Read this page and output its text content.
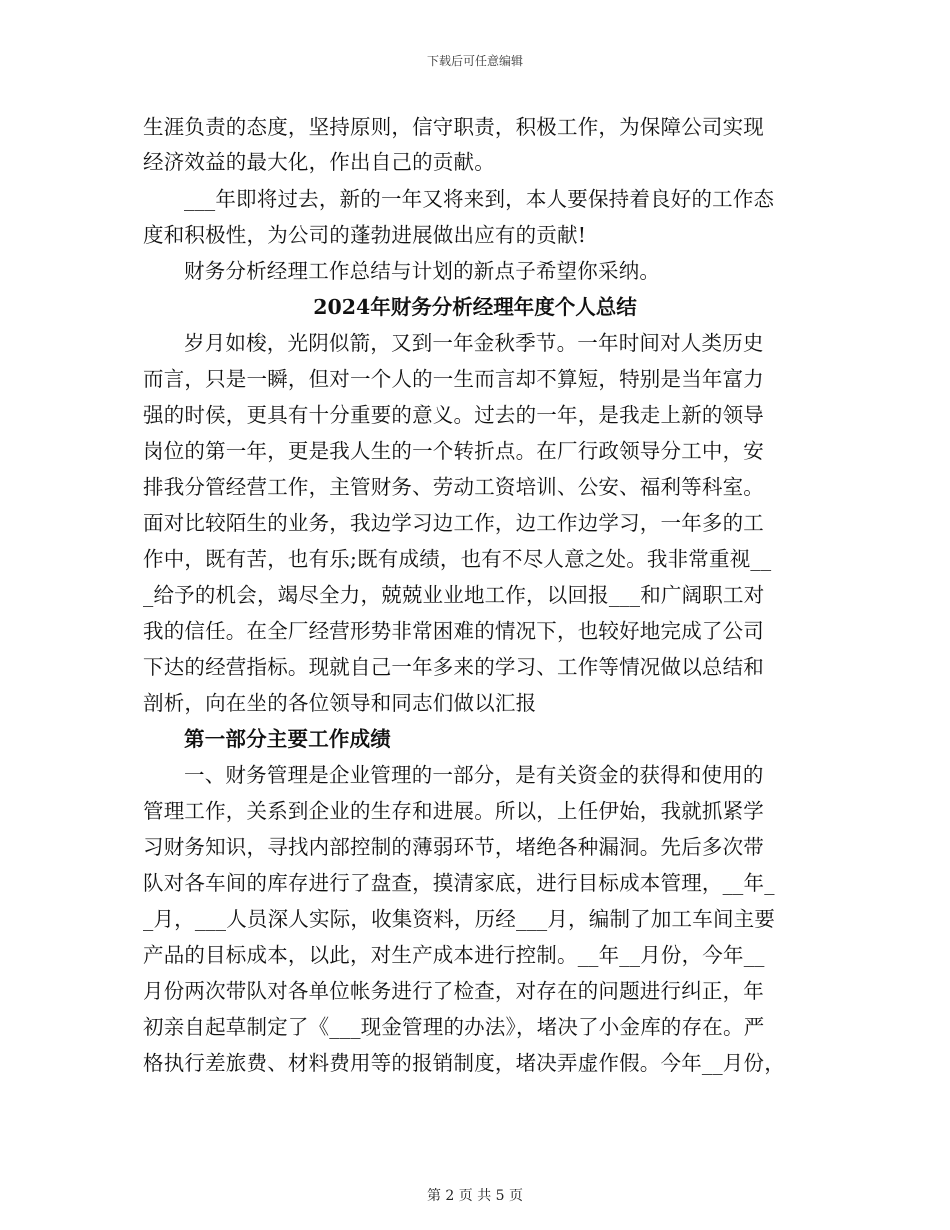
下载后可任意编辑
生涯负责的态度，坚持原则，信守职责，积极工作，为保障公司实现
经济效益的最大化，作出自己的贡献。
___年即将过去，新的一年又将来到，本人要保持着良好的工作态
度和积极性，为公司的蓬勃进展做出应有的贡献!
财务分析经理工作总结与计划的新点子希望你采纳。
2024年财务分析经理年度个人总结
岁月如梭，光阴似箭，又到一年金秋季节。一年时间对人类历史
而言，只是一瞬，但对一个人的一生而言却不算短，特别是当年富力
强的时侯，更具有十分重要的意义。过去的一年，是我走上新的领导
岗位的第一年，更是我人生的一个转折点。在厂行政领导分工中，安
排我分管经营工作，主管财务、劳动工资培训、公安、福利等科室。
面对比较陌生的业务，我边学习边工作，边工作边学习，一年多的工
作中，既有苦，也有乐;既有成绩，也有不尽人意之处。我非常重视__
_给予的机会，竭尽全力，兢兢业业地工作，以回报___和广阔职工对
我的信任。在全厂经营形势非常困难的情况下，也较好地完成了公司
下达的经营指标。现就自己一年多来的学习、工作等情况做以总结和
剖析，向在坐的各位领导和同志们做以汇报
第一部分主要工作成绩
一、财务管理是企业管理的一部分，是有关资金的获得和使用的
管理工作，关系到企业的生存和进展。所以，上任伊始，我就抓紧学
习财务知识，寻找内部控制的薄弱环节，堵绝各种漏洞。先后多次带
队对各车间的库存进行了盘查，摸清家底，进行目标成本管理，__年_
_月，___人员深人实际，收集资料，历经___月，编制了加工车间主要
产品的目标成本，以此，对生产成本进行控制。__年__月份，今年__
月份两次带队对各单位帐务进行了检查，对存在的问题进行纠正，年
初亲自起草制定了《___现金管理的办法》，堵决了小金库的存在。严
格执行差旅费、材料费用等的报销制度，堵决弄虚作假。今年__月份，
第 2 页 共 5 页
